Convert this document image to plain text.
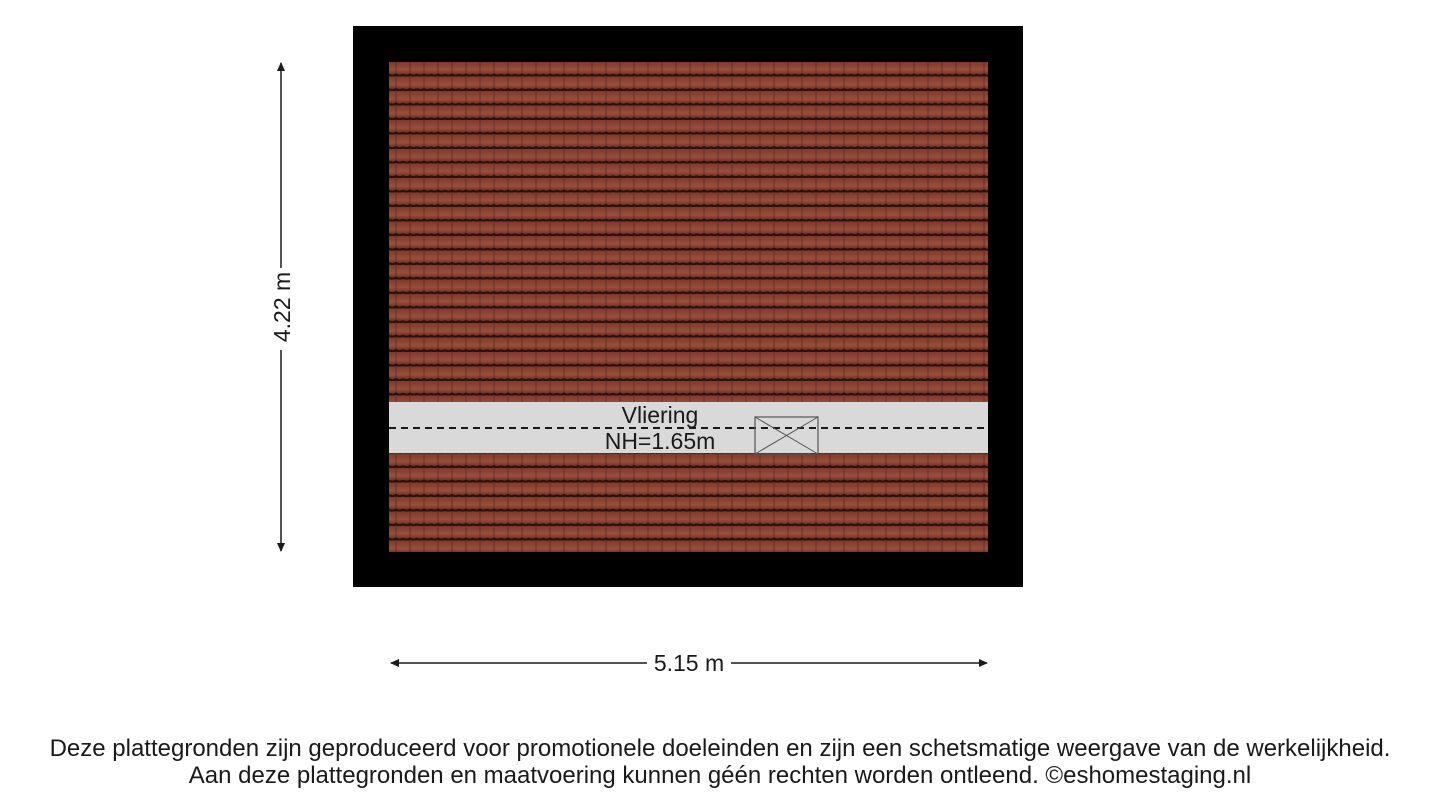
Vliering
NH=1.65m
4.22 m
5.15 m
Deze plattegronden zijn geproduceerd voor promotionele doeleinden en zijn een schetsmatige weergave van de werkelijkheid.
Aan deze plattegronden en maatvoering kunnen géén rechten worden ontleend. ©eshomestaging.nl
